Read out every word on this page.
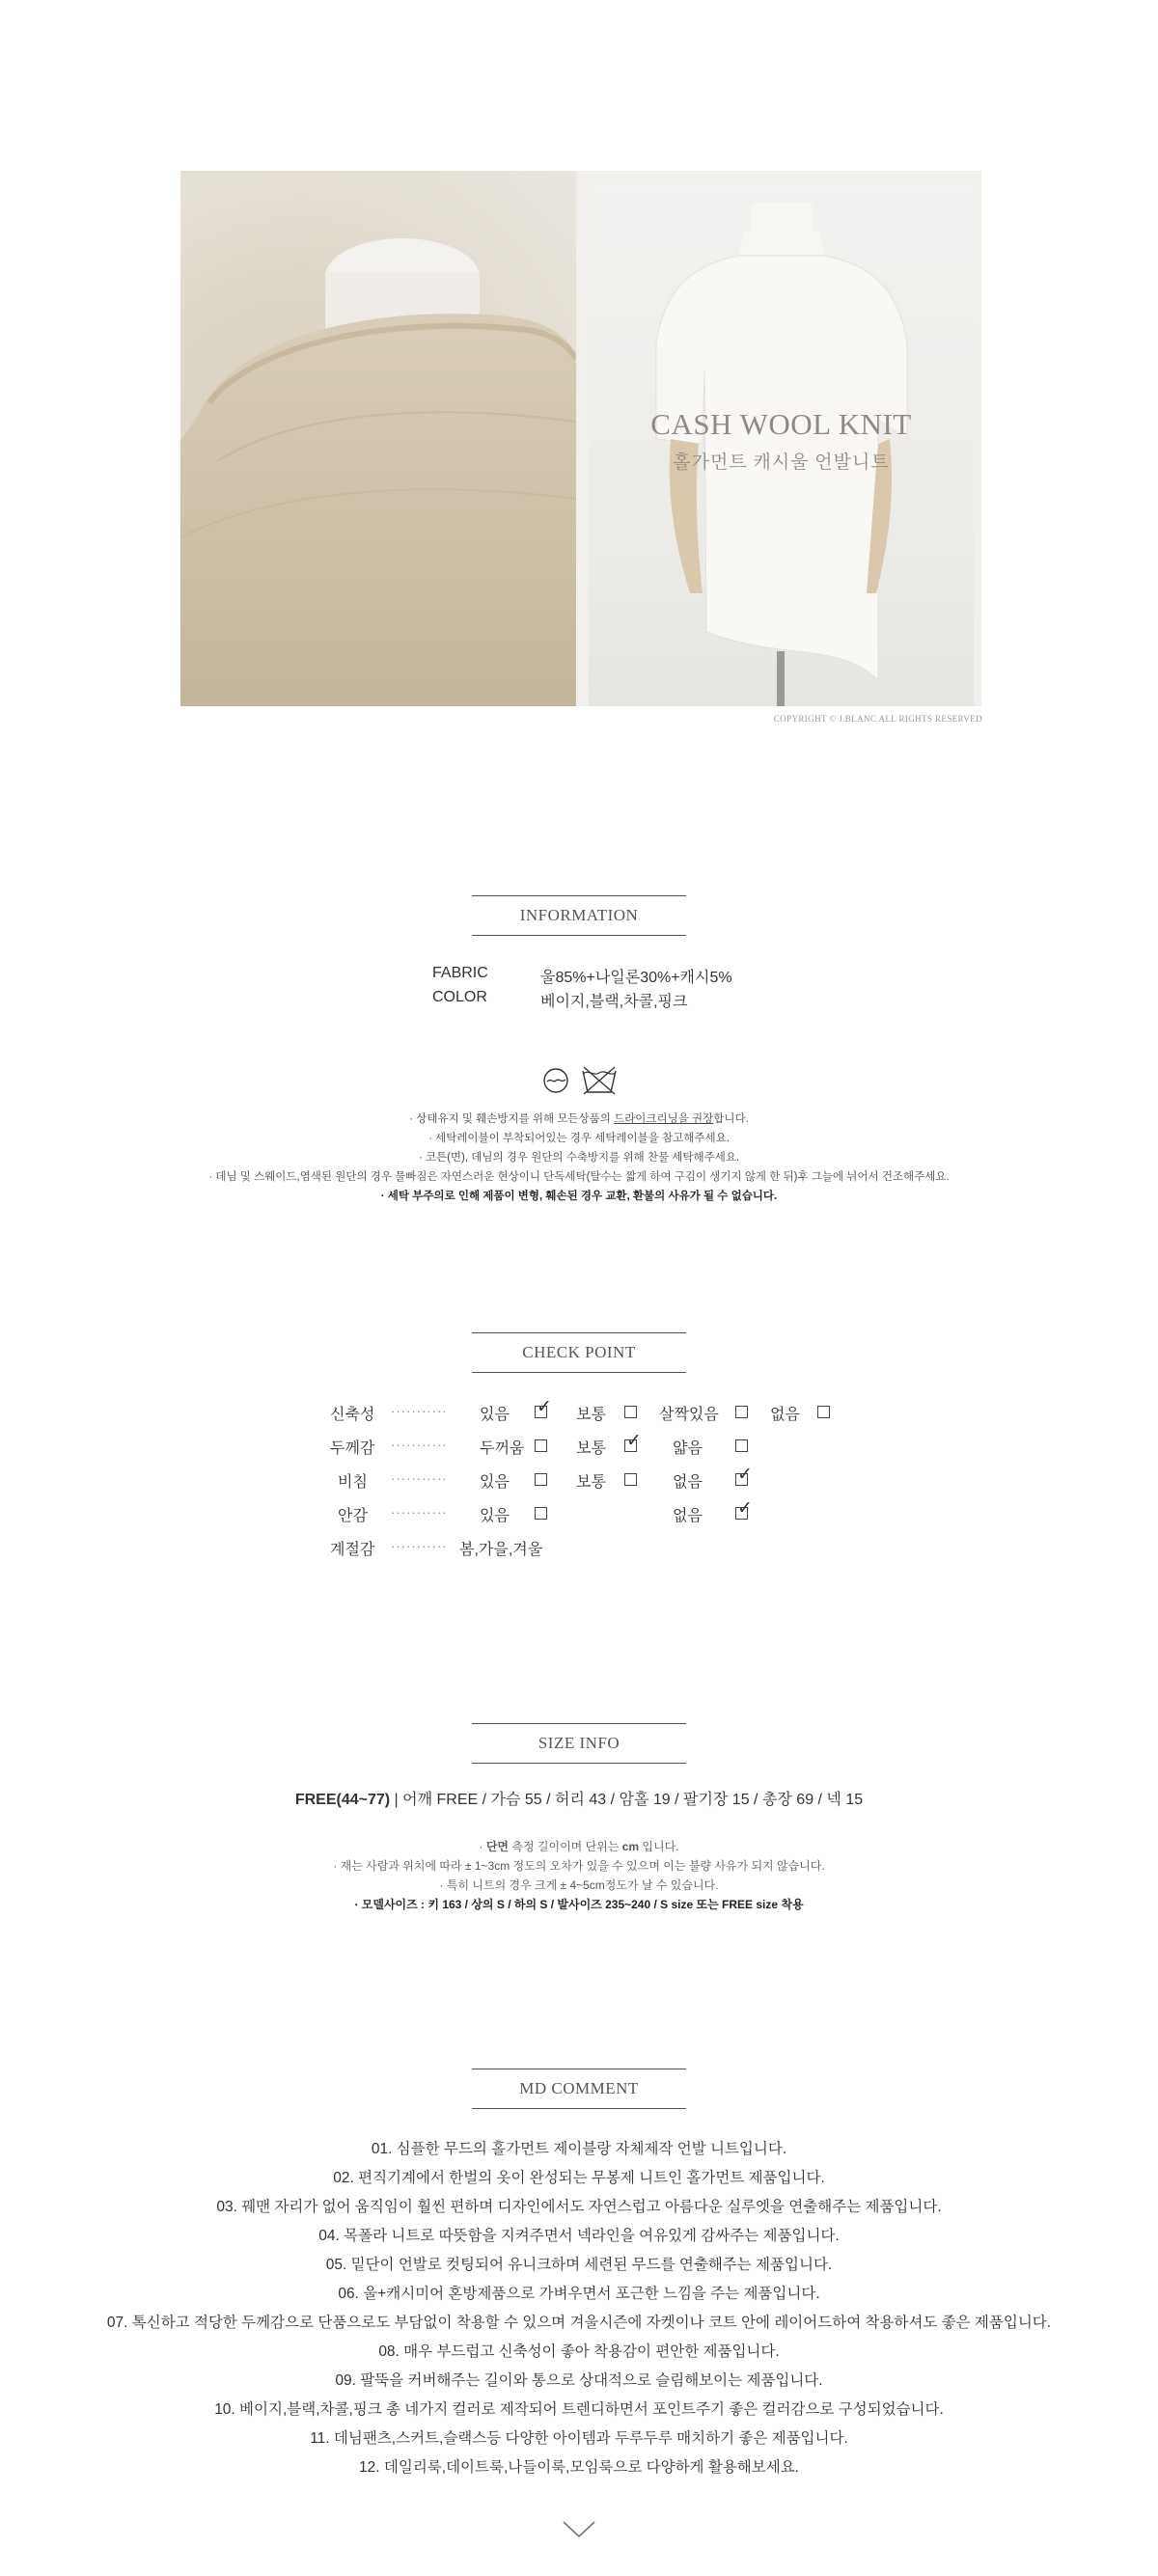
CASH WOOL KNIT
홀가먼트 캐시울 언발니트
COPYRIGHT © J.BLANC ALL RIGHTS RESERVED
INFORMATION
FABRIC	울85%+나일론30%+캐시5%
COLOR	베이지,블랙,차콜,핑크
· 상태유지 및 훼손방지를 위해 모든상품의 드라이크리닝을 권장합니다.
· 세탁레이블이 부착되어있는 경우 세탁레이블을 참고해주세요.
· 코튼(면), 데님의 경우 원단의 수축방지를 위해 찬물 세탁해주세요.
· 데님 및 스웨이드,염색된 원단의 경우 물빠짐은 자연스러운 현상이니 단독세탁(탈수는 짧게 하여 구김이 생기지 않게 한 뒤)후 그늘에 뉘어서 건조해주세요.
· 세탁 부주의로 인해 제품이 변형, 훼손된 경우 교환, 환불의 사유가 될 수 없습니다.
CHECK POINT
신축성 ··········· 있음 ✓ 보통	살짝있음	없음
두께감 ··········· 두꺼움	보통 ✓ 얇음
비침 ··········· 있음	보통	없음 ✓
안감 ··········· 있음	없음 ✓
계절감 ··········· 봄,가을,겨울
SIZE INFO
FREE(44~77) | 어깨 FREE / 가슴 55 / 허리 43 / 암홀 19 / 팔기장 15 / 총장 69 / 넥 15
· 단면 측정 길이이며 단위는 cm 입니다.
· 재는 사람과 위치에 따라 ± 1~3cm 정도의 오차가 있을 수 있으며 이는 불량 사유가 되지 않습니다.
· 특히 니트의 경우 크게 ± 4~5cm정도가 날 수 있습니다.
· 모델사이즈 : 키 163 / 상의 S / 하의 S / 발사이즈 235~240 / S size 또는 FREE size 착용
MD COMMENT
01. 심플한 무드의 홀가먼트 제이블랑 자체제작 언발 니트입니다.
02. 편직기계에서 한벌의 옷이 완성되는 무봉제 니트인 홀가먼트 제품입니다.
03. 꿰맨 자리가 없어 움직임이 훨씬 편하며 디자인에서도 자연스럽고 아름다운 실루엣을 연출해주는 제품입니다.
04. 목폴라 니트로 따뜻함을 지켜주면서 넥라인을 여유있게 감싸주는 제품입니다.
05. 밑단이 언발로 컷팅되어 유니크하며 세련된 무드를 연출해주는 제품입니다.
06. 울+캐시미어 혼방제품으로 가벼우면서 포근한 느낌을 주는 제품입니다.
07. 톡신하고 적당한 두께감으로 단품으로도 부담없이 착용할 수 있으며 겨울시즌에 자켓이나 코트 안에 레이어드하여 착용하셔도 좋은 제품입니다.
08. 매우 부드럽고 신축성이 좋아 착용감이 편안한 제품입니다.
09. 팔뚝을 커버해주는 길이와 통으로 상대적으로 슬림해보이는 제품입니다.
10. 베이지,블랙,차콜,핑크 총 네가지 컬러로 제작되어 트렌디하면서 포인트주기 좋은 컬러감으로 구성되었습니다.
11. 데님팬츠,스커트,슬랙스등 다양한 아이템과 두루두루 매치하기 좋은 제품입니다.
12. 데일리룩,데이트룩,나들이룩,모임룩으로 다양하게 활용해보세요.
